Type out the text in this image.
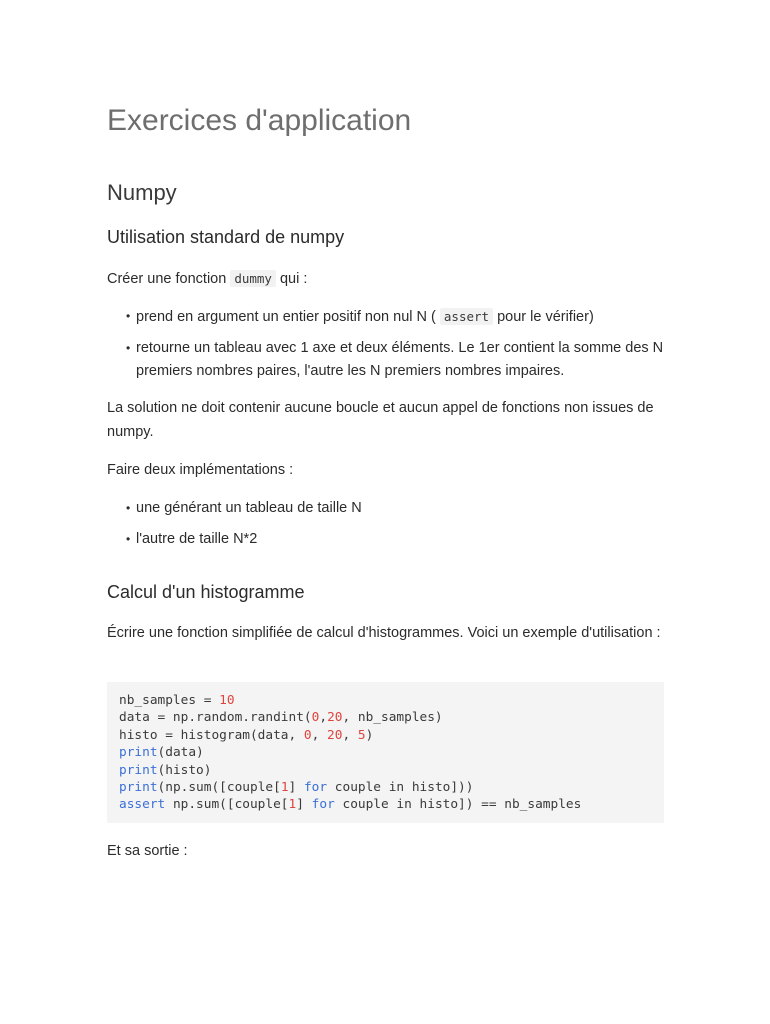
Exercices d'application
Numpy
Utilisation standard de numpy

Créer une fonction dummy qui :

• prend en argument un entier positif non nul N ( assert pour le vérifier)
• retourne un tableau avec 1 axe et deux éléments. Le 1er contient la somme des N premiers nombres paires, l'autre les N premiers nombres impaires.

La solution ne doit contenir aucune boucle et aucun appel de fonctions non issues de numpy.

Faire deux implémentations :

• une générant un tableau de taille N
• l'autre de taille N*2
Calcul d'un histogramme

Écrire une fonction simplifiée de calcul d'histogrammes. Voici un exemple d'utilisation :

nb_samples = 10
data = np.random.randint(0,20, nb_samples)
histo = histogram(data, 0, 20, 5)
print(data)
print(histo)
print(np.sum([couple[1] for couple in histo]))
assert np.sum([couple[1] for couple in histo]) == nb_samples

Et sa sortie :
